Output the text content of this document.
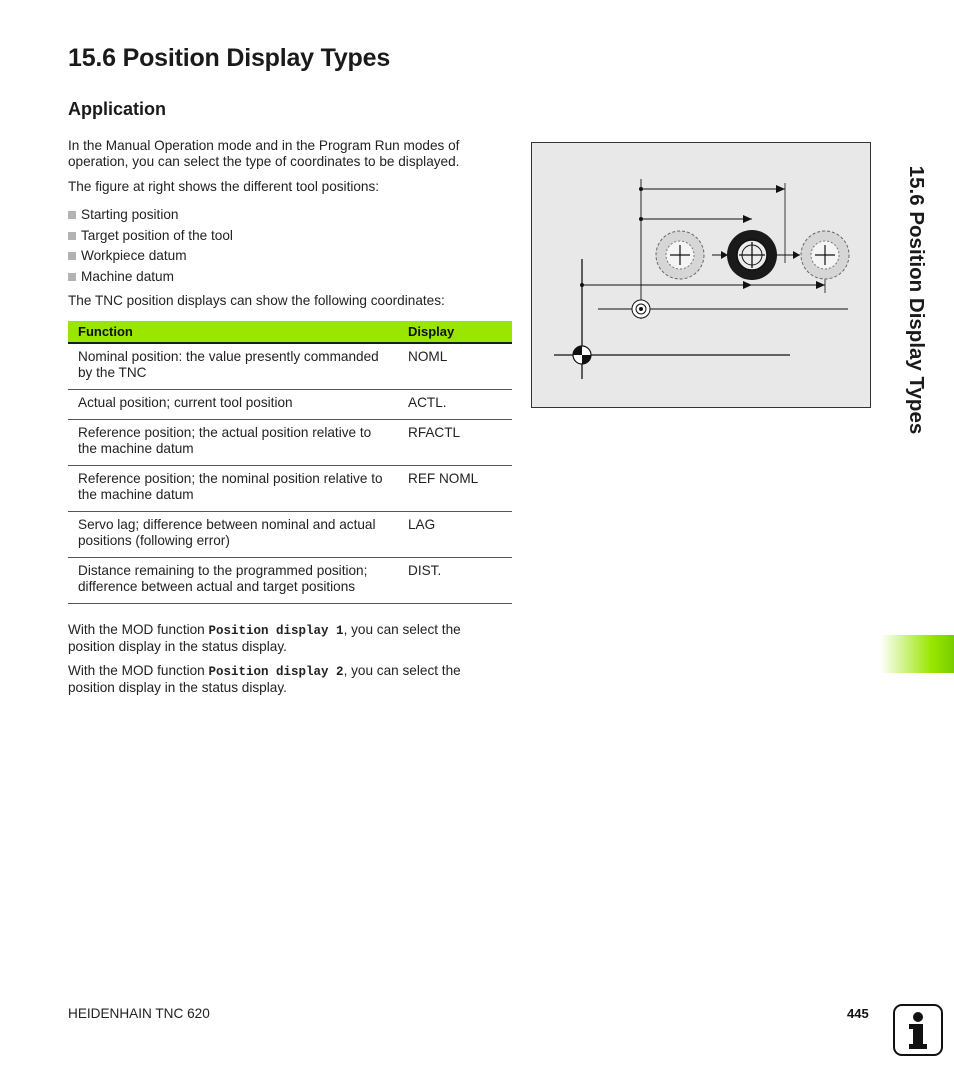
15.6 Position Display Types
Application

In the Manual Operation mode and in the Program Run modes of operation, you can select the type of coordinates to be displayed.

The figure at right shows the different tool positions:

Starting position
Target position of the tool
Workpiece datum
Machine datum

The TNC position displays can show the following coordinates:

Function	Display
Nominal position: the value presently commanded by the TNC	NOML
Actual position; current tool position	ACTL.
Reference position; the actual position relative to the machine datum	RFACTL
Reference position; the nominal position relative to the machine datum	REF NOML
Servo lag; difference between nominal and actual positions (following error)	LAG
Distance remaining to the programmed position; difference between actual and target positions	DIST.

With the MOD function Position display 1, you can select the position display in the status display.

With the MOD function Position display 2, you can select the position display in the status display.

15.6 Position Display Types
HEIDENHAIN TNC 620	445
